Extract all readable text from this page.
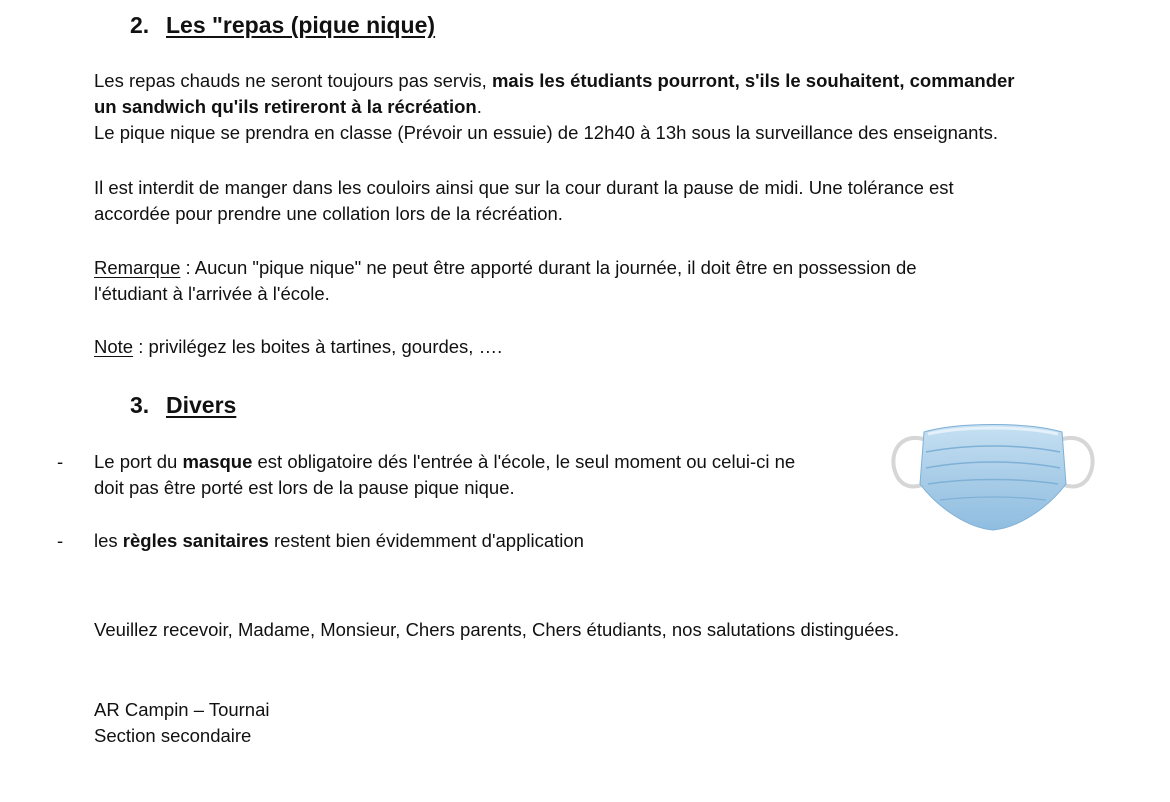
2. Les "repas (pique nique)
Les repas chauds ne seront toujours pas servis, mais les étudiants pourront, s'ils le souhaitent, commander
un sandwich qu'ils retireront à la récréation.
Le pique nique se prendra en classe (Prévoir un essuie) de 12h40 à 13h sous la surveillance des enseignants.
Il est interdit de manger dans les couloirs ainsi que sur la cour durant la pause de midi. Une tolérance est
accordée pour prendre une collation lors de la récréation.
Remarque : Aucun "pique nique" ne peut être apporté durant la journée, il doit être en possession de
l'étudiant à l'arrivée à l'école.
Note : privilégez les boites à tartines, gourdes, ….
3. Divers
- Le port du masque est obligatoire dés l'entrée à l'école, le seul moment ou celui-ci ne
doit pas être porté est lors de la pause pique nique.
- les règles sanitaires restent bien évidemment d'application
Veuillez recevoir, Madame, Monsieur, Chers parents, Chers étudiants, nos salutations distinguées.
AR Campin – Tournai
Section secondaire
